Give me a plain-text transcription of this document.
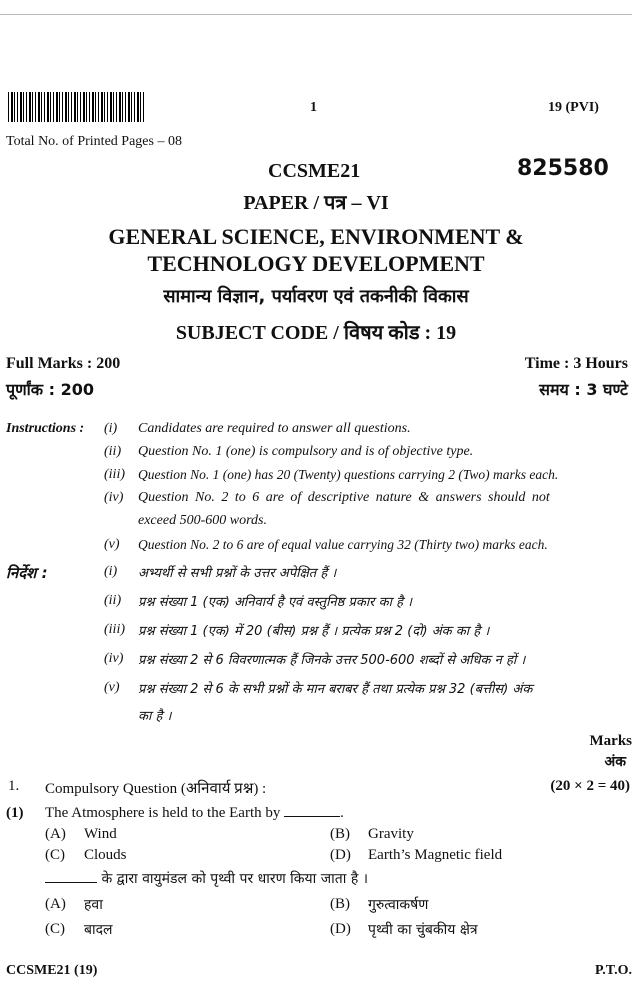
1	19 (PVI)
Total No. of Printed Pages – 08
CCSME21	825580
PAPER / पत्र – VI
GENERAL SCIENCE, ENVIRONMENT &
TECHNOLOGY DEVELOPMENT
सामान्य विज्ञान, पर्यावरण एवं तकनीकी विकास
SUBJECT CODE / विषय कोड : 19
Full Marks : 200
पूर्णांक : 200
Time : 3 Hours
समय : 3 घण्टे
Instructions : (i) Candidates are required to answer all questions.
(ii) Question No. 1 (one) is compulsory and is of objective type.
(iii) Question No. 1 (one) has 20 (Twenty) questions carrying 2 (Two) marks each.
(iv) Question No. 2 to 6 are of descriptive nature & answers should not
exceed 500-600 words.
(v) Question No. 2 to 6 are of equal value carrying 32 (Thirty two) marks each.
निर्देश :	(i) अभ्यर्थी से सभी प्रश्नों के उत्तर अपेक्षित हैं ।
(ii) प्रश्न संख्या 1 (एक) अनिवार्य है एवं वस्तुनिष्ठ प्रकार का है ।
(iii) प्रश्न संख्या 1 (एक) में 20 (बीस) प्रश्न हैं । प्रत्येक प्रश्न 2 (दो) अंक का है ।
(iv) प्रश्न संख्या 2 से 6 विवरणात्मक हैं जिनके उत्तर 500-600 शब्दों से अधिक न हों ।
(v) प्रश्न संख्या 2 से 6 के सभी प्रश्नों के मान बराबर हैं तथा प्रत्येक प्रश्न 32 (बत्तीस) अंक
का है ।
Marks
अंक
1. Compulsory Question (अनिवार्य प्रश्न) :	(20 × 2 = 40)
(1) The Atmosphere is held to the Earth by	.
(A) Wind	(B) Gravity
(C) Clouds	(D) Earth’s Magnetic field
के द्वारा वायुमंडल को पृथ्वी पर धारण किया जाता है ।
(A) हवा	(B) गुरुत्वाकर्षण
(C) बादल	(D) पृथ्वी का चुंबकीय क्षेत्र
CCSME21 (19)	P.T.O.
